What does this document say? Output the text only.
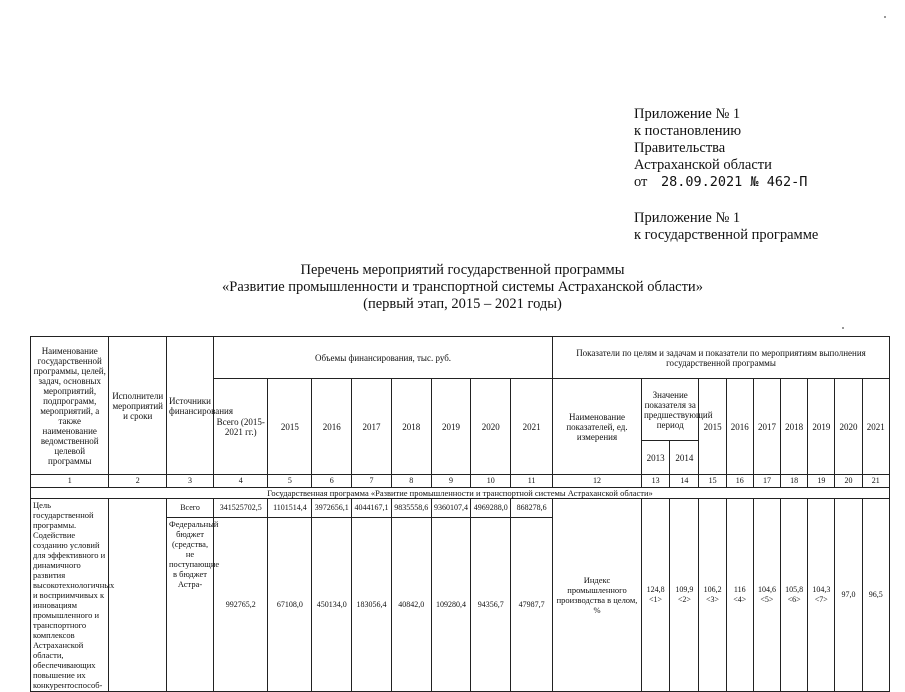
Приложение № 1
к постановлению
Правительства
Астраханской области
от 28.09.2021 № 462-П
Приложение № 1
к государственной программе
Перечень мероприятий государственной программы
«Развитие промышленности и транспортной системы Астраханской области»
(первый этап, 2015 – 2021 годы)
Наименование государственной программы, целей, задач, основных мероприятий, подпрограмм, мероприятий, а также наименование ведомственной целевой программы	Исполнители мероприятий и сроки	Источники финансирования	Объемы финансирования, тыс. руб.								Показатели по целям и задачам и показатели по мероприятиям выполнения государственной программы									
			Всего (2015-2021 гг.)	2015	2016	2017	2018	2019	2020	2021	Наименование показателей, ед. измерения	Значение показателя за предшествующий период		2015	2016	2017	2018	2019	2020	2021
												2013	2014							
1	2	3	4	5	6	7	8	9	10	11	12	13	14	15	16	17	18	19	20	21
Государственная программа «Развитие промышленности и транспортной системы Астраханской области»																				
Цель государственной программы. Содействие созданию условий для эффективного и динамичного развития высокотехнологичных и восприимчивых к инновациям промышленного и транспортного комплексов Астраханской области, обеспечивающих повышение их конкурентоспособ-		Всего	341525702,5	1101514,4	3972656,1	4044167,1	9835558,6	9360107,4	4969288,0	868278,6	Индекс промышленного производства в целом, %	124,8 <1>	109,9 <2>	106,2 <3>	116 <4>	104,6 <5>	105,8 <6>	104,3 <7>	97,0	96,5
		Федеральный бюджет (средства, не поступающие в бюджет Астра-	992765,2	67108,0	450134,0	183056,4	40842,0	109280,4	94356,7	47987,7										
